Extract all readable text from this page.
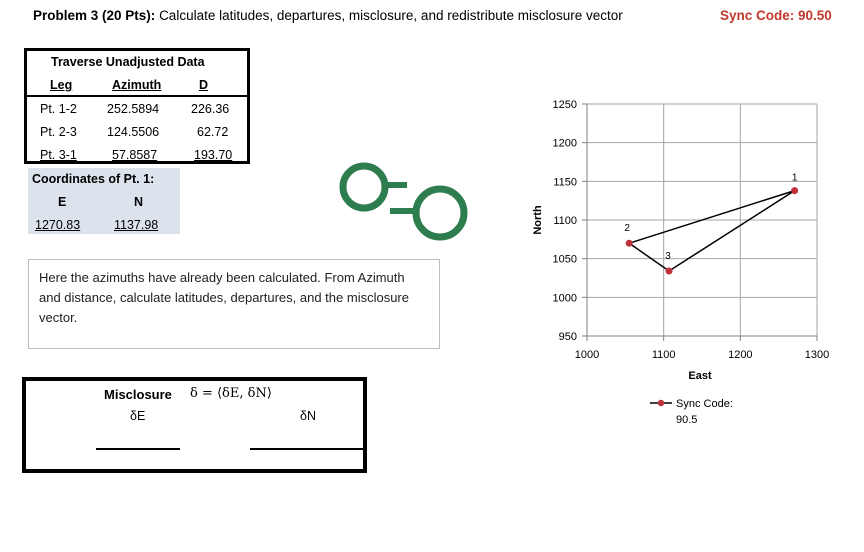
Problem 3 (20 Pts): Calculate latitudes, departures, misclosure, and redistribute misclosure vector	Sync Code: 90.50
Traverse Unadjusted Data
Leg	Azimuth	D
Pt. 1-2 252.5894	226.36
Pt. 2-3 124.5506	62.72
Pt. 3-1	57.8587	193.70
Coordinates of Pt. 1:
E	N
1270.83	1137.98
Here the azimuths have already been calculated. From Azimuth and distance, calculate latitudes, departures, and the misclosure vector.
Misclosure δ = ⟨δE, δN⟩
δE	δN
950
1000
1050
1100
1150
1200
1250
1000	1100	1200	1300
East
North
1
2
3
Sync Code:
90.5
